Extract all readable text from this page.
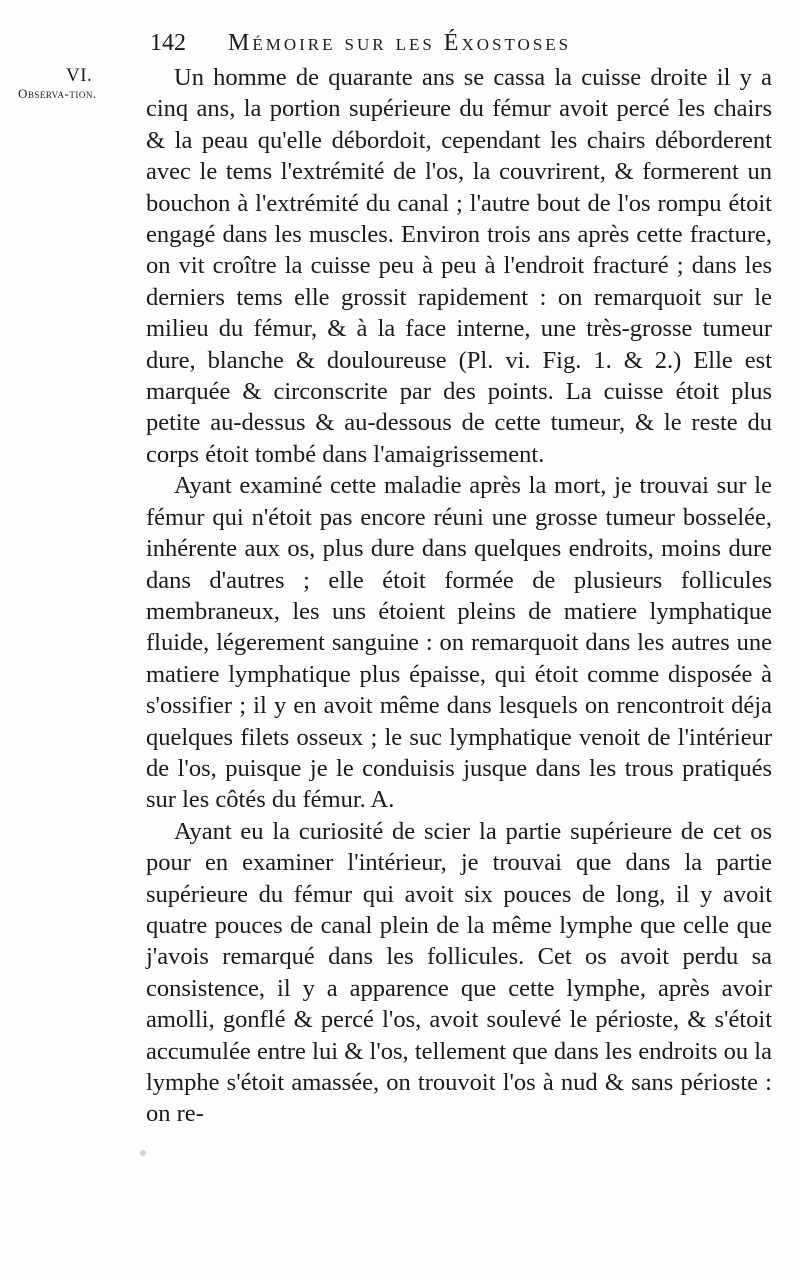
142 Mémoire sur les Éxostoses
VI.
Observa-tion.

Un homme de quarante ans se cassa la cuisse droite il y a cinq ans, la portion supérieure du fémur avoit percé les chairs & la peau qu'elle débordoit, cependant les chairs déborderent avec le tems l'extrémité de l'os, la couvrirent, & formerent un bouchon à l'extrémité du canal ; l'autre bout de l'os rompu étoit engagé dans les muscles. Environ trois ans après cette fracture, on vit croître la cuisse peu à peu à l'endroit fracturé ; dans les derniers tems elle grossit rapidement : on remarquoit sur le milieu du fémur, & à la face interne, une très-grosse tumeur dure, blanche & douloureuse (Pl. vi. Fig. 1. & 2.) Elle est marquée & circonscrite par des points. La cuisse étoit plus petite au-dessus & au-dessous de cette tumeur, & le reste du corps étoit tombé dans l'amaigrissement.

Ayant examiné cette maladie après la mort, je trouvai sur le fémur qui n'étoit pas encore réuni une grosse tumeur bosselée, inhérente aux os, plus dure dans quelques endroits, moins dure dans d'autres ; elle étoit formée de plusieurs follicules membraneux, les uns étoient pleins de matiere lymphatique fluide, légerement sanguine : on remarquoit dans les autres une matiere lymphatique plus épaisse, qui étoit comme disposée à s'ossifier ; il y en avoit même dans lesquels on rencontroit déja quelques filets osseux ; le suc lymphatique venoit de l'intérieur de l'os, puisque je le conduisis jusque dans les trous pratiqués sur les côtés du fémur. A.

Ayant eu la curiosité de scier la partie supérieure de cet os pour en examiner l'intérieur, je trouvai que dans la partie supérieure du fémur qui avoit six pouces de long, il y avoit quatre pouces de canal plein de la même lymphe que celle que j'avois remarqué dans les follicules. Cet os avoit perdu sa consistence, il y a apparence que cette lymphe, après avoir amolli, gonflé & percé l'os, avoit soulevé le périoste, & s'étoit accumulée entre lui & l'os, tellement que dans les endroits ou la lymphe s'étoit amassée, on trouvoit l'os à nud & sans périoste : on re-
